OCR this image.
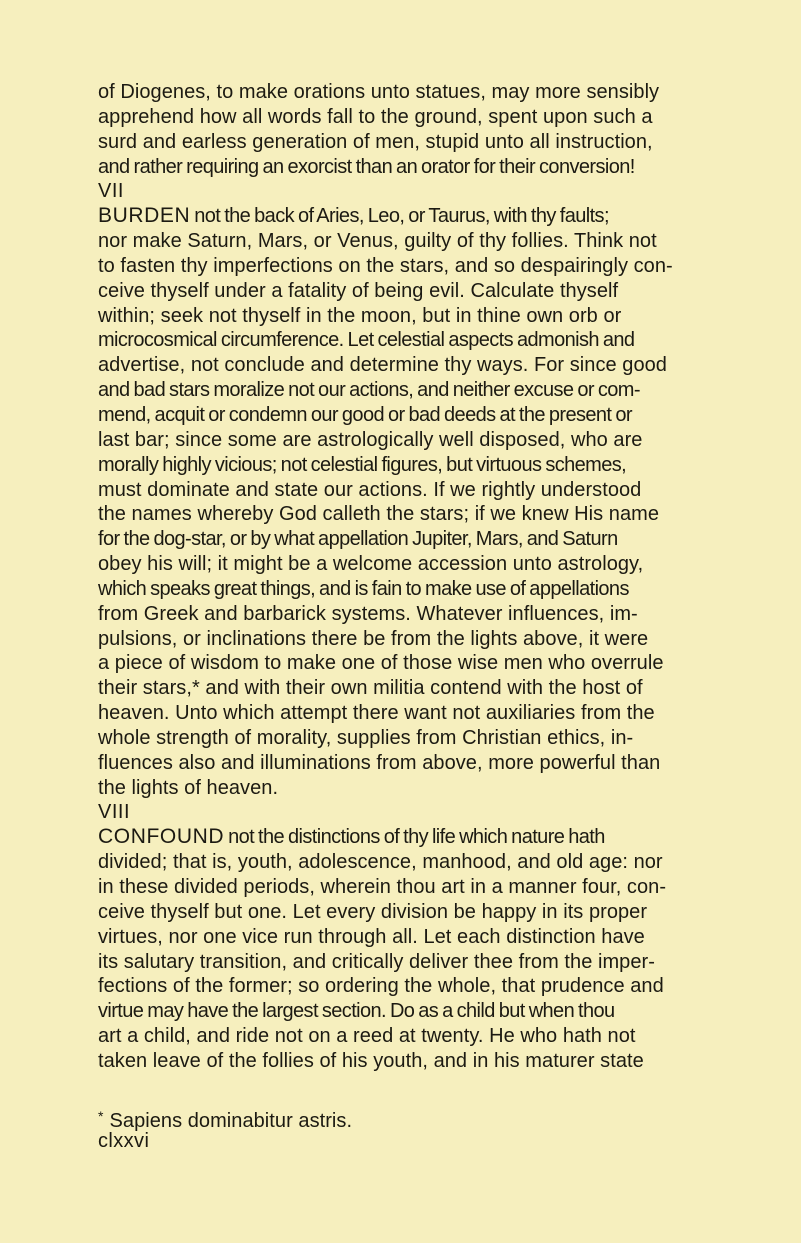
of Diogenes, to make orations unto statues, may more sensibly
apprehend how all words fall to the ground, spent upon such a
surd and earless generation of men, stupid unto all instruction,
and rather requiring an exorcist than an orator for their conversion!
VII
BURDEN not the back of Aries, Leo, or Taurus, with thy faults;
nor make Saturn, Mars, or Venus, guilty of thy follies. Think not
to fasten thy imperfections on the stars, and so despairingly con-
ceive thyself under a fatality of being evil. Calculate thyself
within; seek not thyself in the moon, but in thine own orb or
microcosmical circumference. Let celestial aspects admonish and
advertise, not conclude and determine thy ways. For since good
and bad stars moralize not our actions, and neither excuse or com-
mend, acquit or condemn our good or bad deeds at the present or
last bar; since some are astrologically well disposed, who are
morally highly vicious; not celestial figures, but virtuous schemes,
must dominate and state our actions. If we rightly understood
the names whereby God calleth the stars; if we knew His name
for the dog-star, or by what appellation Jupiter, Mars, and Saturn
obey his will; it might be a welcome accession unto astrology,
which speaks great things, and is fain to make use of appellations
from Greek and barbarick systems. Whatever influences, im-
pulsions, or inclinations there be from the lights above, it were
a piece of wisdom to make one of those wise men who overrule
their stars,* and with their own militia contend with the host of
heaven. Unto which attempt there want not auxiliaries from the
whole strength of morality, supplies from Christian ethics, in-
fluences also and illuminations from above, more powerful than
the lights of heaven.
VIII
CONFOUND not the distinctions of thy life which nature hath
divided; that is, youth, adolescence, manhood, and old age: nor
in these divided periods, wherein thou art in a manner four, con-
ceive thyself but one. Let every division be happy in its proper
virtues, nor one vice run through all. Let each distinction have
its salutary transition, and critically deliver thee from the imper-
fections of the former; so ordering the whole, that prudence and
virtue may have the largest section. Do as a child but when thou
art a child, and ride not on a reed at twenty. He who hath not
taken leave of the follies of his youth, and in his maturer state
* Sapiens dominabitur astris.
clxxvi
